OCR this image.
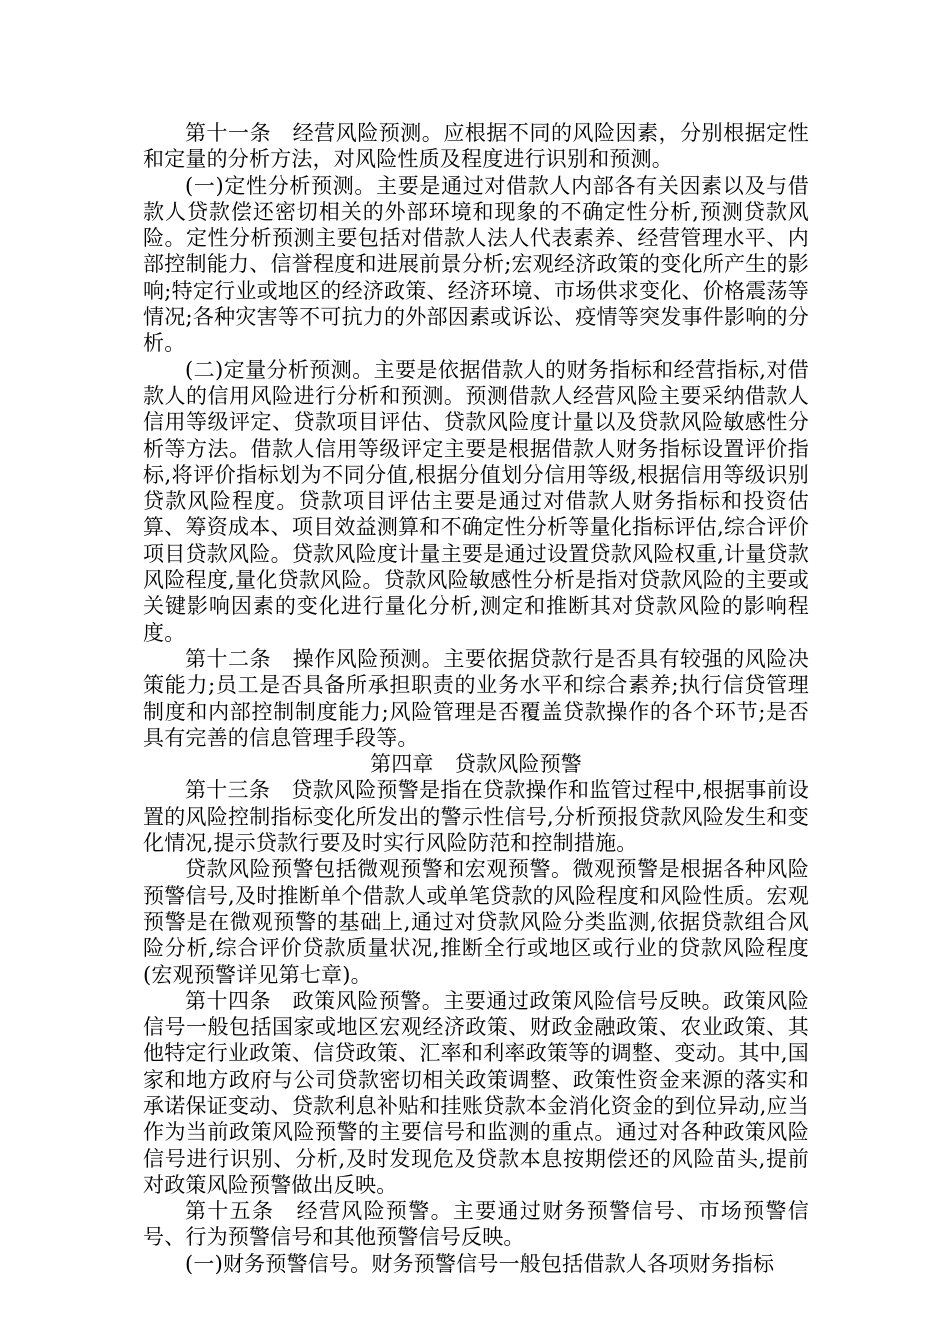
第十一条　经营风险预测。应根据不同的风险因素，分别根据定性和定量的分析方法，对风险性质及程度进行识别和预测。

(一)定性分析预测。主要是通过对借款人内部各有关因素以及与借款人贷款偿还密切相关的外部环境和现象的不确定性分析,预测贷款风险。定性分析预测主要包括对借款人法人代表素养、经营管理水平、内部控制能力、信誉程度和进展前景分析;宏观经济政策的变化所产生的影响;特定行业或地区的经济政策、经济环境、市场供求变化、价格震荡等情况;各种灾害等不可抗力的外部因素或诉讼、疫情等突发事件影响的分析。

(二)定量分析预测。主要是依据借款人的财务指标和经营指标,对借款人的信用风险进行分析和预测。预测借款人经营风险主要采纳借款人信用等级评定、贷款项目评估、贷款风险度计量以及贷款风险敏感性分析等方法。借款人信用等级评定主要是根据借款人财务指标设置评价指标,将评价指标划为不同分值,根据分值划分信用等级,根据信用等级识别贷款风险程度。贷款项目评估主要是通过对借款人财务指标和投资估算、筹资成本、项目效益测算和不确定性分析等量化指标评估,综合评价项目贷款风险。贷款风险度计量主要是通过设置贷款风险权重,计量贷款风险程度,量化贷款风险。贷款风险敏感性分析是指对贷款风险的主要或关键影响因素的变化进行量化分析,测定和推断其对贷款风险的影响程度。

第十二条　操作风险预测。主要依据贷款行是否具有较强的风险决策能力;员工是否具备所承担职责的业务水平和综合素养;执行信贷管理制度和内部控制制度能力;风险管理是否覆盖贷款操作的各个环节;是否具有完善的信息管理手段等。

第四章　贷款风险预警

第十三条　贷款风险预警是指在贷款操作和监管过程中,根据事前设置的风险控制指标变化所发出的警示性信号,分析预报贷款风险发生和变化情况,提示贷款行要及时实行风险防范和控制措施。

贷款风险预警包括微观预警和宏观预警。微观预警是根据各种风险预警信号,及时推断单个借款人或单笔贷款的风险程度和风险性质。宏观预警是在微观预警的基础上,通过对贷款风险分类监测,依据贷款组合风险分析,综合评价贷款质量状况,推断全行或地区或行业的贷款风险程度(宏观预警详见第七章)。

第十四条　政策风险预警。主要通过政策风险信号反映。政策风险信号一般包括国家或地区宏观经济政策、财政金融政策、农业政策、其他特定行业政策、信贷政策、汇率和利率政策等的调整、变动。其中,国家和地方政府与公司贷款密切相关政策调整、政策性资金来源的落实和承诺保证变动、贷款利息补贴和挂账贷款本金消化资金的到位异动,应当作为当前政策风险预警的主要信号和监测的重点。通过对各种政策风险信号进行识别、分析,及时发现危及贷款本息按期偿还的风险苗头,提前对政策风险预警做出反映。

第十五条　经营风险预警。主要通过财务预警信号、市场预警信号、行为预警信号和其他预警信号反映。

(一)财务预警信号。财务预警信号一般包括借款人各项财务指标
